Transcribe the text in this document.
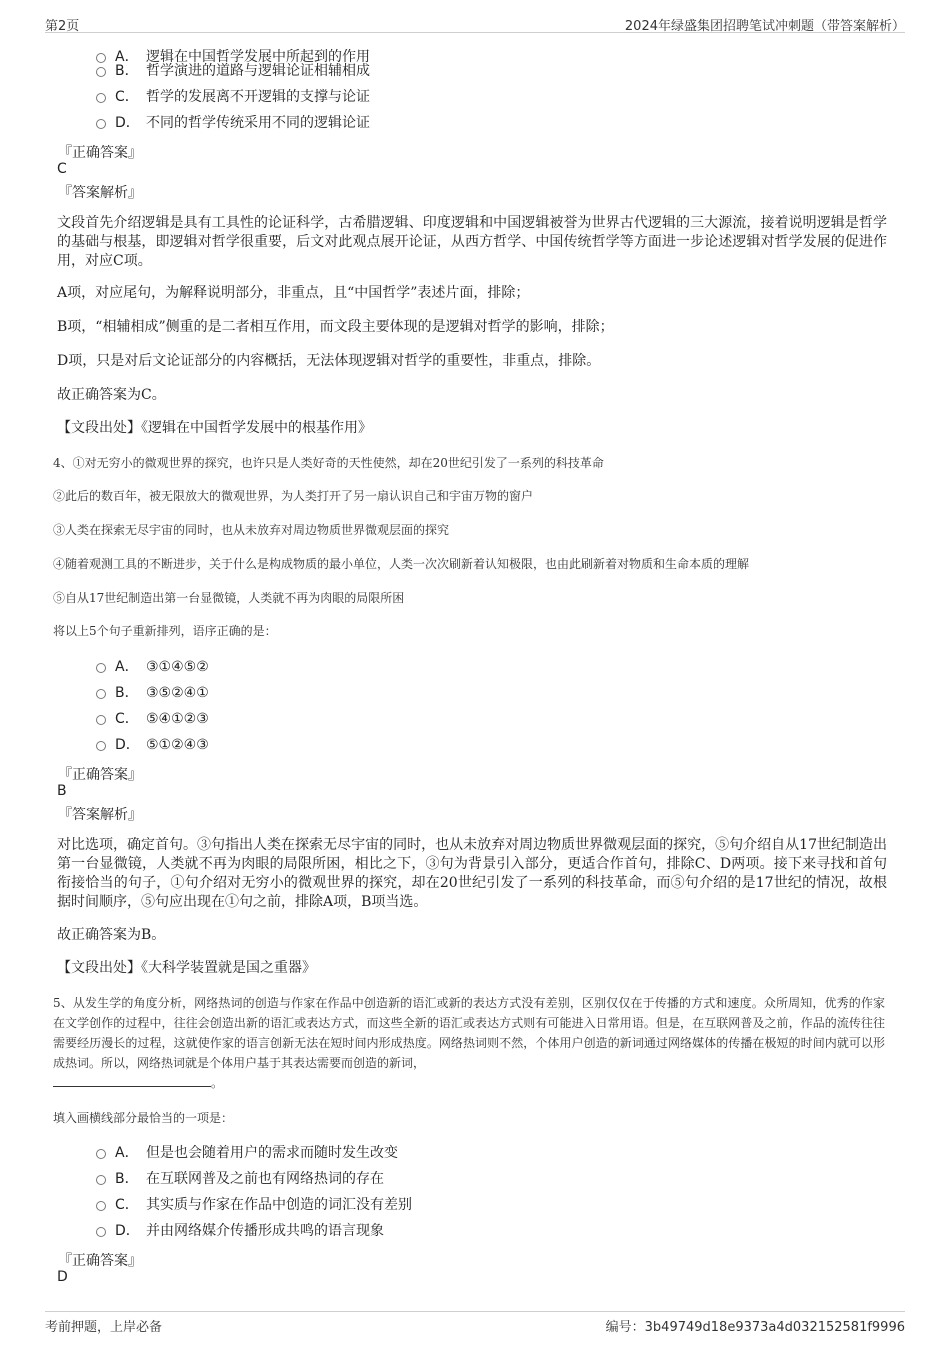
第2页	2024年绿盛集团招聘笔试冲刺题（带答案解析）
A． 逻辑在中国哲学发展中所起到的作用
B． 哲学演进的道路与逻辑论证相辅相成
C． 哲学的发展离不开逻辑的支撑与论证
D． 不同的哲学传统采用不同的逻辑论证
『正确答案』
C
『答案解析』
文段首先介绍逻辑是具有工具性的论证科学，古希腊逻辑、印度逻辑和中国逻辑被誉为世界古代逻辑的三大源流，接着说明逻辑是哲学的基础与根基，即逻辑对哲学很重要，后文对此观点展开论证，从西方哲学、中国传统哲学等方面进一步论述逻辑对哲学发展的促进作用，对应C项。
A项，对应尾句，为解释说明部分，非重点，且“中国哲学”表述片面，排除；
B项，“相辅相成”侧重的是二者相互作用，而文段主要体现的是逻辑对哲学的影响，排除；
D项，只是对后文论证部分的内容概括，无法体现逻辑对哲学的重要性，非重点，排除。
故正确答案为C。
【文段出处】《逻辑在中国哲学发展中的根基作用》
4、①对无穷小的微观世界的探究，也许只是人类好奇的天性使然，却在20世纪引发了一系列的科技革命
②此后的数百年，被无限放大的微观世界，为人类打开了另一扇认识自己和宇宙万物的窗户
③人类在探索无尽宇宙的同时，也从未放弃对周边物质世界微观层面的探究
④随着观测工具的不断进步，关于什么是构成物质的最小单位，人类一次次刷新着认知极限，也由此刷新着对物质和生命本质的理解
⑤自从17世纪制造出第一台显微镜，人类就不再为肉眼的局限所困
将以上5个句子重新排列，语序正确的是：
A． ③①④⑤②
B． ③⑤②④①
C． ⑤④①②③
D． ⑤①②④③
『正确答案』
B
『答案解析』
对比选项，确定首句。③句指出人类在探索无尽宇宙的同时，也从未放弃对周边物质世界微观层面的探究，⑤句介绍自从17世纪制造出第一台显微镜，人类就不再为肉眼的局限所困，相比之下，③句为背景引入部分，更适合作首句，排除C、D两项。接下来寻找和首句衔接恰当的句子，①句介绍对无穷小的微观世界的探究，却在20世纪引发了一系列的科技革命，而⑤句介绍的是17世纪的情况，故根据时间顺序，⑤句应出现在①句之前，排除A项，B项当选。
故正确答案为B。
【文段出处】《大科学装置就是国之重器》
5、从发生学的角度分析，网络热词的创造与作家在作品中创造新的语汇或新的表达方式没有差别，区别仅仅在于传播的方式和速度。众所周知，优秀的作家在文学创作的过程中，往往会创造出新的语汇或表达方式，而这些全新的语汇或表达方式则有可能进入日常用语。但是，在互联网普及之前，作品的流传往往需要经历漫长的过程，这就使作家的语言创新无法在短时间内形成热度。网络热词则不然，个体用户创造的新词通过网络媒体的传播在极短的时间内就可以形成热词。所以，网络热词就是个体用户基于其表达需要而创造的新词，
。
填入画横线部分最恰当的一项是：
A． 但是也会随着用户的需求而随时发生改变
B． 在互联网普及之前也有网络热词的存在
C． 其实质与作家在作品中创造的词汇没有差别
D． 并由网络媒介传播形成共鸣的语言现象
『正确答案』
D
考前押题，上岸必备	编号：3b49749d18e9373a4d032152581f9996
